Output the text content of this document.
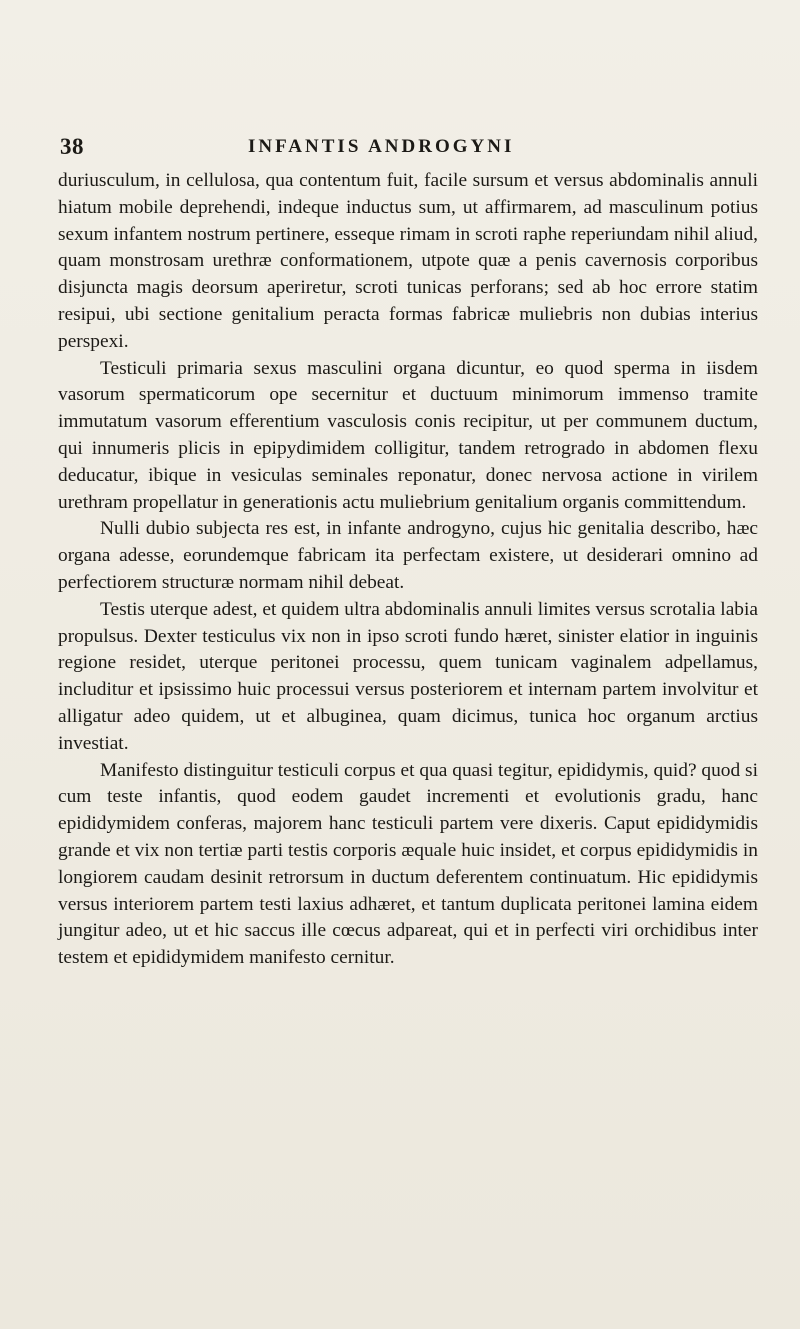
38	INFANTIS ANDROGYNI

duriusculum, in cellulosa, qua contentum fuit, facile sursum et versus abdominalis annuli hiatum mobile deprehendi, indeque inductus sum, ut affirmarem, ad masculinum potius sexum infantem nostrum pertinere, esseque rimam in scroti raphe reperiundam nihil aliud, quam monstrosam urethræ conformationem, utpote quæ a penis cavernosis corporibus disjuncta magis deorsum aperiretur, scroti tunicas perforans; sed ab hoc errore statim resipui, ubi sectione genitalium peracta formas fabricæ muliebris non dubias interius perspexi.

Testiculi primaria sexus masculini organa dicuntur, eo quod sperma in iisdem vasorum spermaticorum ope secernitur et ductuum minimorum immenso tramite immutatum vasorum efferentium vasculosis conis recipitur, ut per communem ductum, qui innumeris plicis in epipydimidem colligitur, tandem retrogrado in abdomen flexu deducatur, ibique in vesiculas seminales reponatur, donec nervosa actione in virilem urethram propellatur in generationis actu muliebrium genitalium organis committendum.

Nulli dubio subjecta res est, in infante androgyno, cujus hic genitalia describo, hæc organa adesse, eorundemque fabricam ita perfectam existere, ut desiderari omnino ad perfectiorem structuræ normam nihil debeat.

Testis uterque adest, et quidem ultra abdominalis annuli limites versus scrotalia labia propulsus. Dexter testiculus vix non in ipso scroti fundo hæret, sinister elatior in inguinis regione residet, uterque peritonei processu, quem tunicam vaginalem adpellamus, includitur et ipsissimo huic processui versus posteriorem et internam partem involvitur et alligatur adeo quidem, ut et albuginea, quam dicimus, tunica hoc organum arctius investiat.

Manifesto distinguitur testiculi corpus et qua quasi tegitur, epididymis, quid? quod si cum teste infantis, quod eodem gaudet incrementi et evolutionis gradu, hanc epididymidem conferas, majorem hanc testiculi partem vere dixeris. Caput epididymidis grande et vix non tertiæ parti testis corporis æquale huic insidet, et corpus epididymidis in longiorem caudam desinit retrorsum in ductum deferentem continuatum. Hic epididymis versus interiorem partem testi laxius adhæret, et tantum duplicata peritonei lamina eidem jungitur adeo, ut et hic saccus ille cœcus adpareat, qui et in perfecti viri orchidibus inter testem et epididymidem manifesto cernitur.
